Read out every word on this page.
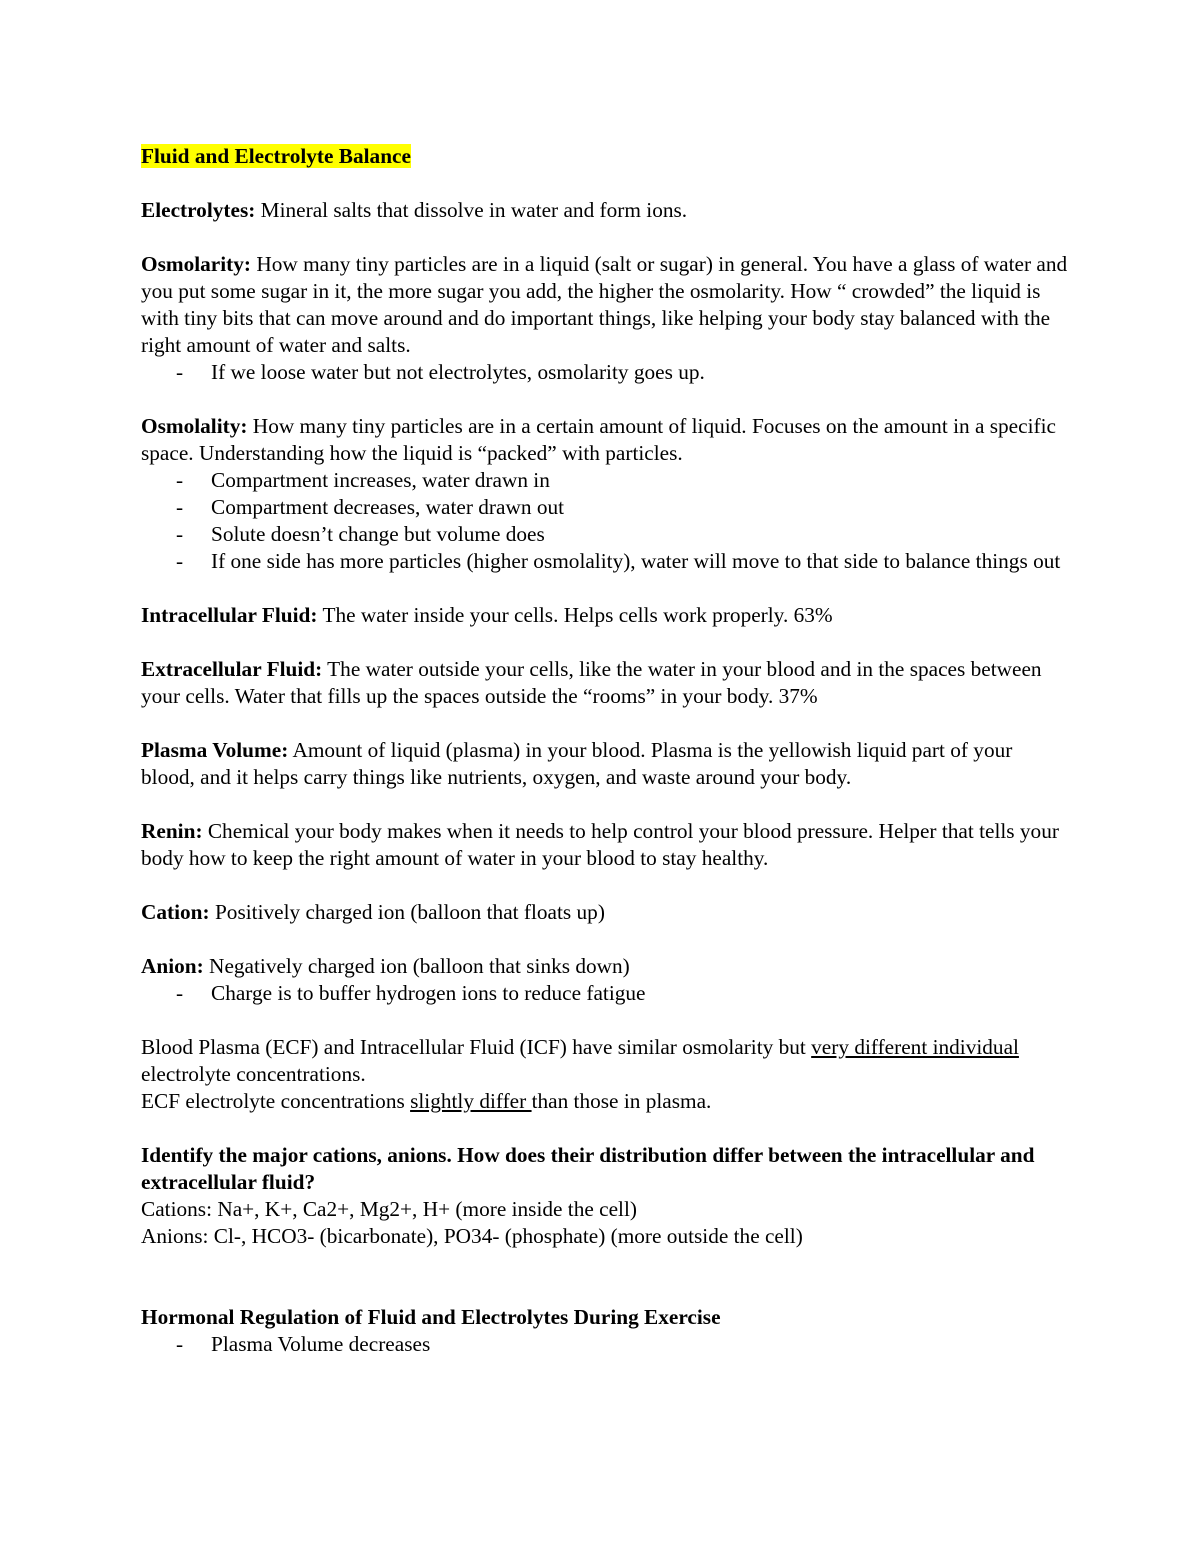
Fluid and Electrolyte Balance

Electrolytes: Mineral salts that dissolve in water and form ions.

Osmolarity: How many tiny particles are in a liquid (salt or sugar) in general. You have a glass of water and you put some sugar in it, the more sugar you add, the higher the osmolarity. How “ crowded” the liquid is with tiny bits that can move around and do important things, like helping your body stay balanced with the right amount of water and salts.

- If we loose water but not electrolytes, osmolarity goes up.

Osmolality: How many tiny particles are in a certain amount of liquid. Focuses on the amount in a specific space. Understanding how the liquid is “packed” with particles.

- Compartment increases, water drawn in
- Compartment decreases, water drawn out
- Solute doesn’t change but volume does
- If one side has more particles (higher osmolality), water will move to that side to balance things out

Intracellular Fluid: The water inside your cells. Helps cells work properly. 63%

Extracellular Fluid: The water outside your cells, like the water in your blood and in the spaces between your cells. Water that fills up the spaces outside the “rooms” in your body. 37%

Plasma Volume: Amount of liquid (plasma) in your blood. Plasma is the yellowish liquid part of your blood, and it helps carry things like nutrients, oxygen, and waste around your body.

Renin: Chemical your body makes when it needs to help control your blood pressure. Helper that tells your body how to keep the right amount of water in your blood to stay healthy.

Cation: Positively charged ion (balloon that floats up)

Anion: Negatively charged ion (balloon that sinks down)

- Charge is to buffer hydrogen ions to reduce fatigue

Blood Plasma (ECF) and Intracellular Fluid (ICF) have similar osmolarity but very different individual electrolyte concentrations.

ECF electrolyte concentrations slightly differ than those in plasma.

Identify the major cations, anions. How does their distribution differ between the intracellular and extracellular fluid?

Cations: Na+, K+, Ca2+, Mg2+, H+ (more inside the cell)

Anions: Cl-, HCO3- (bicarbonate), PO34- (phosphate) (more outside the cell)

Hormonal Regulation of Fluid and Electrolytes During Exercise

- Plasma Volume decreases
